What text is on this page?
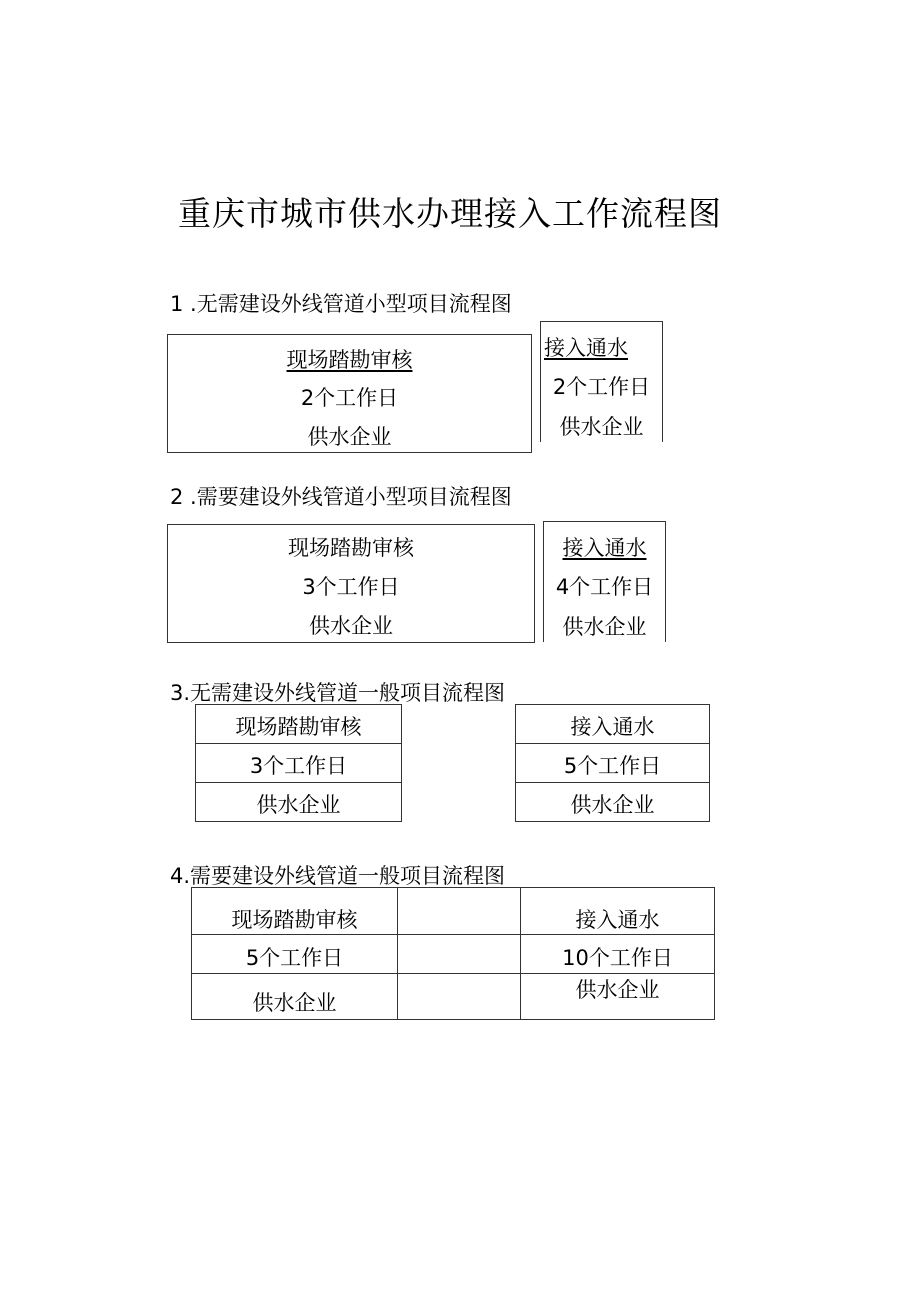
重庆市城市供水办理接入工作流程图
1 .无需建设外线管道小型项目流程图
现场踏勘审核
2个工作日
供水企业
接入通水
2个工作日
供水企业
2 .需要建设外线管道小型项目流程图
现场踏勘审核
3个工作日
供水企业
接入通水
4个工作日
供水企业
3.无需建设外线管道一般项目流程图
现场踏勘审核
3个工作日
供水企业
接入通水
5个工作日
供水企业
4.需要建设外线管道一般项目流程图
现场踏勘审核
5个工作日
供水企业
接入通水
10个工作日
供水企业
